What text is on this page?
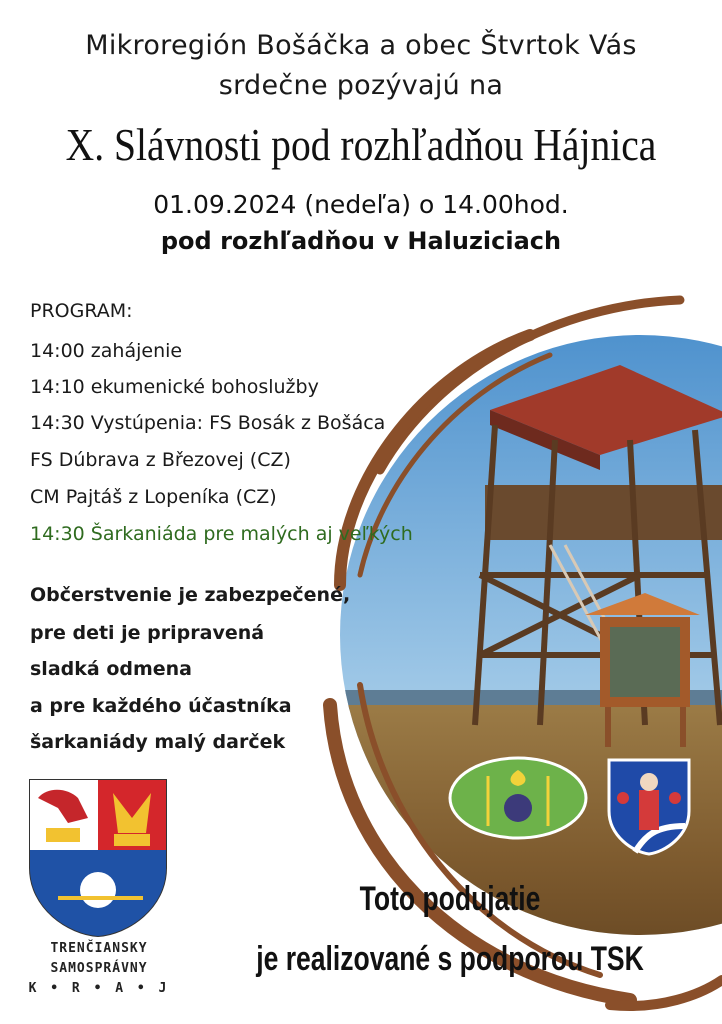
Mikroregión Bošáčka a obec Štvrtok Vás
srdečne pozývajú na
X. Slávnosti pod rozhľadňou Hájnica
01.09.2024 (nedeľa) o 14.00hod.
pod rozhľadňou v Haluziciach
PROGRAM:
14:00 zahájenie
14:10 ekumenické bohoslužby
14:30 Vystúpenia: FS Bosák z Bošáca
FS Dúbrava z Březovej (CZ)
CM Pajtáš z Lopeníka (CZ)
14:30 Šarkaniáda pre malých aj veľkých
Občerstvenie je zabezpečené,
pre deti je pripravená
sladká odmena
a pre každého účastníka
šarkaniády malý darček
TRENČIANSKY
SAMOSPRÁVNY
K • R • A • J
Toto podujatie
je realizované s podporou TSK
